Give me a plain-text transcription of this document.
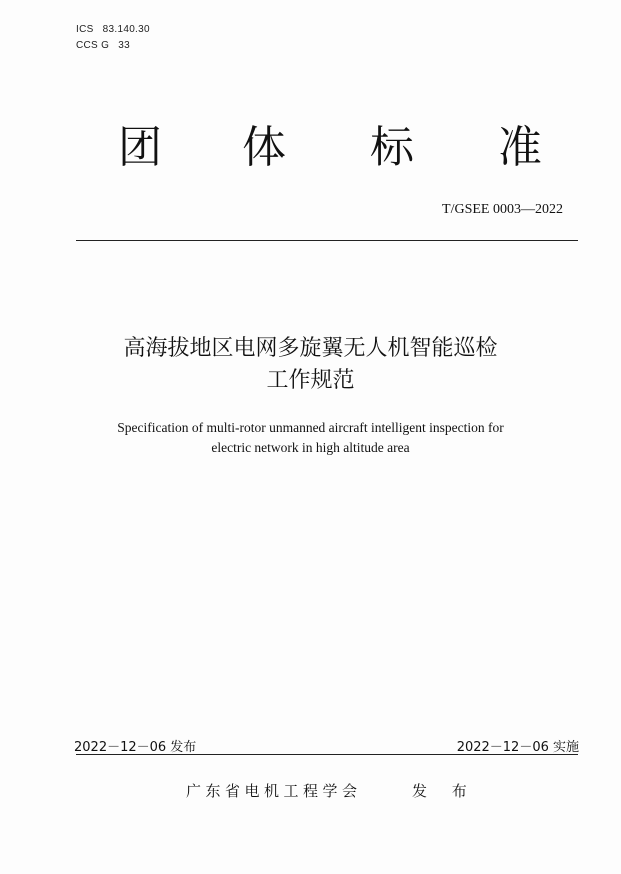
ICS 83.140.30
CCS G 33
团 体 标 准
T/GSEE 0003—2022
高海拔地区电网多旋翼无人机智能巡检
工作规范
Specification of multi-rotor unmanned aircraft intelligent inspection for
electric network in high altitude area
2022－12－06 发布	2022－12－06 实施
广东省电机工程学会	发 布
